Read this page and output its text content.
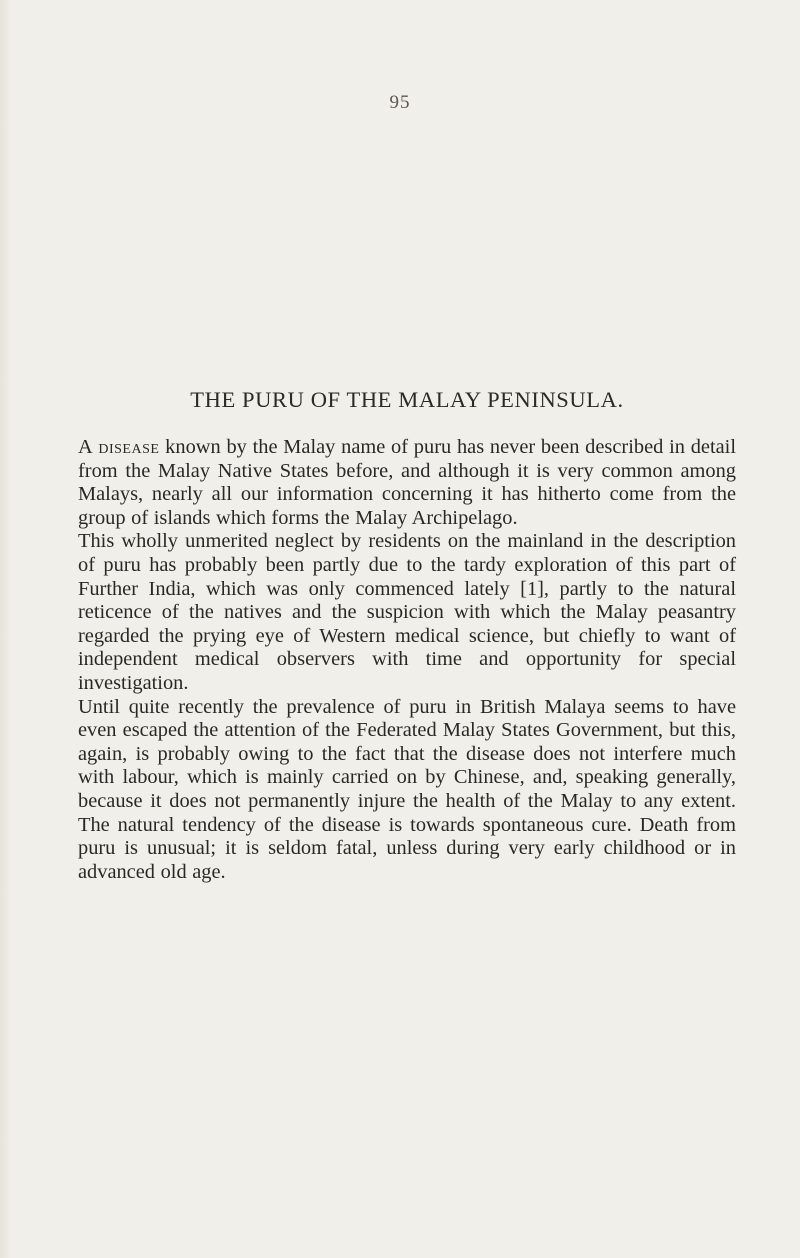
95
THE PURU OF THE MALAY PENINSULA.

A disease known by the Malay name of puru has never been described in detail from the Malay Native States before, and although it is very common among Malays, nearly all our information concerning it has hitherto come from the group of islands which forms the Malay Archipelago.

This wholly unmerited neglect by residents on the mainland in the description of puru has probably been partly due to the tardy exploration of this part of Further India, which was only commenced lately [1], partly to the natural reticence of the natives and the suspicion with which the Malay peasantry regarded the prying eye of Western medical science, but chiefly to want of independent medical observers with time and opportunity for special investigation.

Until quite recently the prevalence of puru in British Malaya seems to have even escaped the attention of the Federated Malay States Government, but this, again, is probably owing to the fact that the disease does not interfere much with labour, which is mainly carried on by Chinese, and, speaking generally, because it does not permanently injure the health of the Malay to any extent. The natural tendency of the disease is towards spontaneous cure. Death from puru is unusual; it is seldom fatal, unless during very early childhood or in advanced old age.
